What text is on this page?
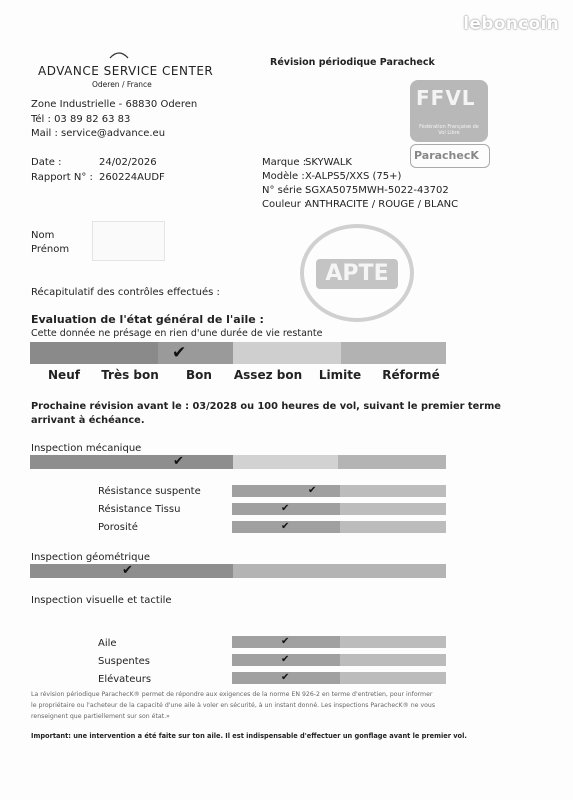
leboncoin
ADVANCE SERVICE CENTER
Oderen / France
Zone Industrielle - 68830 Oderen
Tél : 03 89 82 63 83
Mail : service@advance.eu
Révision périodique Paracheck
FFVL
Fédération Française de Vol Libre
ParachecK
Date :	24/02/2026
Rapport N° : 260224AUDF
Marque :
SKYWALK
Modèle : X-ALPS5/XXS (75+)
N° série :
SGXA5075MWH-5022-43702
Couleur :
ANTHRACITE / ROUGE / BLANC
Nom
Prénom
APTE
Récapitulatif des contrôles effectués :
Evaluation de l'état général de l'aile :
Cette donnée ne présage en rien d'une durée de vie restante
✔
Neuf	Très bon	Bon	Assez bon	Limite	Réformé
Prochaine révision avant le : 03/2028 ou 100 heures de vol, suivant le premier terme
arrivant à échéance.
Inspection mécanique
✔
Résistance suspente	✔
Résistance Tissu	✔
Porosité	✔
Inspection géométrique
✔
Inspection visuelle et tactile
Aile	✔
Suspentes	✔
Elévateurs	✔
La révision périodique ParachecK® permet de répondre aux exigences de la norme EN 926-2 en terme d'entretien, pour informer
le propriétaire ou l'acheteur de la capacité d'une aile à voler en sécurité, à un instant donné. Les inspections ParachecK® ne vous
renseignent que partiellement sur son état.»
Important: une intervention a été faite sur ton aile. Il est indispensable d'effectuer un gonflage avant le premier vol.
